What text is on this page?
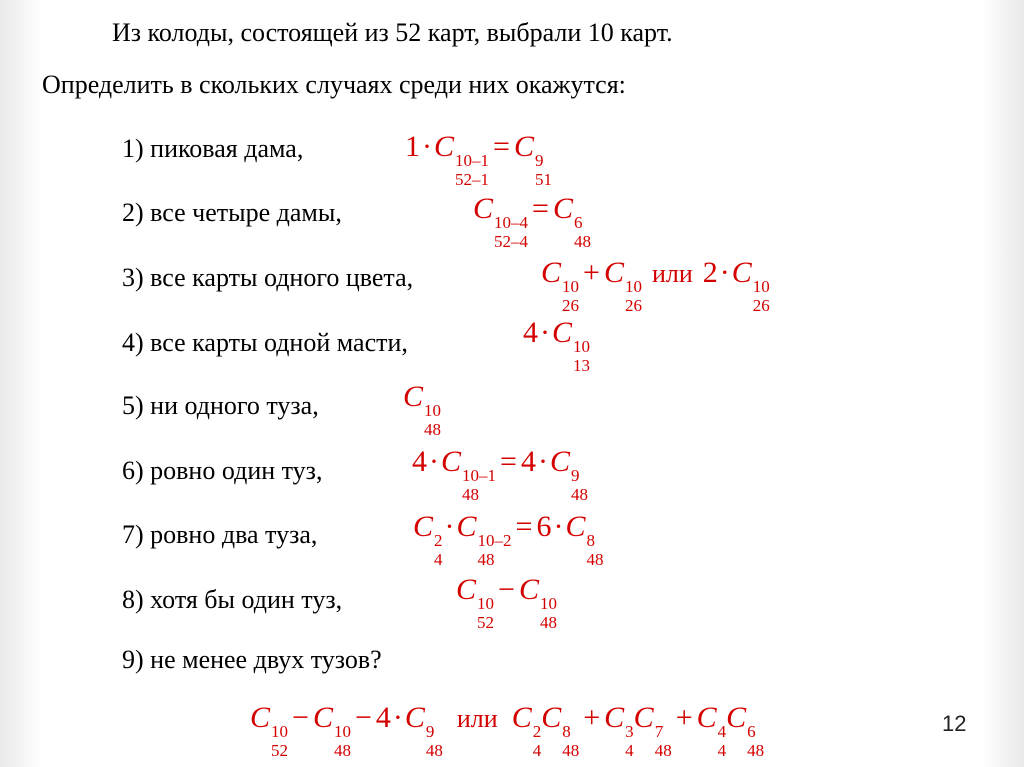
Из колоды, состоящей из 52 карт, выбрали 10 карт.
Определить в скольких случаях среди них окажутся:
1) пиковая дама,	1·C 10–1
52–1
= C 9
51
2) все четыре дамы,	C 10–4
52–4
= C 6
48
3) все карты одного цвета,	C 10
26
+ C 10
26
или 2·C 10
26
4) все карты одной масти,	4·C 10
13
5) ни одного туза,	C 10
48
6) ровно один туз,	4·C 10–1
48
= 4·C 9
48
7) ровно два туза,	C 2
4
·C 10–2
48
= 6·C 8
48
8) хотя бы один туз,	C 10
52
− C 10
48
9) не менее двух тузов?
C 10
52
− C 10
48
− 4·C 9
48
или C 2
4
C 8
48
+ C 3
4
C 7
48
+ C 4
4
C 6
48
12
